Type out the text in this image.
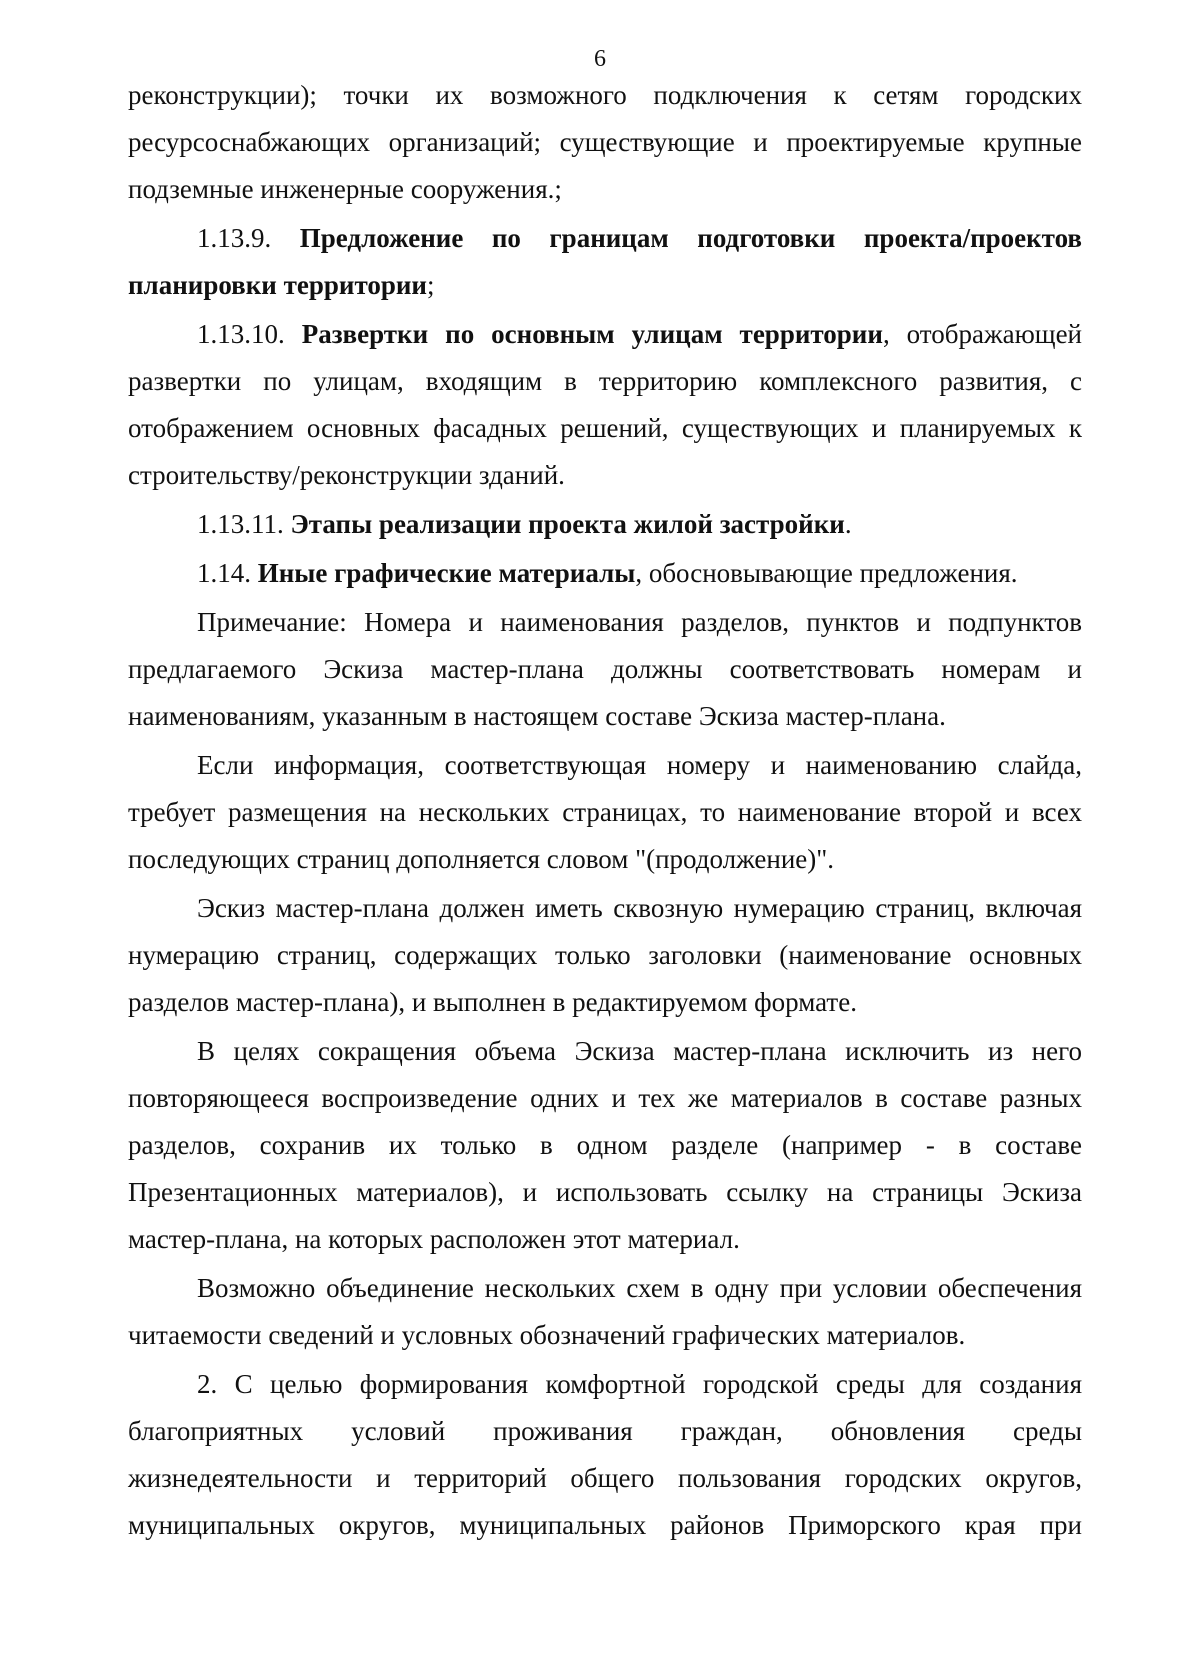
6

реконструкции); точки их возможного подключения к сетям городских ресурсоснабжающих организаций; существующие и проектируемые крупные подземные инженерные сооружения.;

1.13.9. Предложение по границам подготовки проекта/проектов планировки территории;

1.13.10. Развертки по основным улицам территории, отображающей развертки по улицам, входящим в территорию комплексного развития, с отображением основных фасадных решений, существующих и планируемых к строительству/реконструкции зданий.

1.13.11. Этапы реализации проекта жилой застройки.

1.14. Иные графические материалы, обосновывающие предложения.

Примечание: Номера и наименования разделов, пунктов и подпунктов предлагаемого Эскиза мастер-плана должны соответствовать номерам и наименованиям, указанным в настоящем составе Эскиза мастер-плана.

Если информация, соответствующая номеру и наименованию слайда, требует размещения на нескольких страницах, то наименование второй и всех последующих страниц дополняется словом "(продолжение)".

Эскиз мастер-плана должен иметь сквозную нумерацию страниц, включая нумерацию страниц, содержащих только заголовки (наименование основных разделов мастер-плана), и выполнен в редактируемом формате.

В целях сокращения объема Эскиза мастер-плана исключить из него повторяющееся воспроизведение одних и тех же материалов в составе разных разделов, сохранив их только в одном разделе (например - в составе Презентационных материалов), и использовать ссылку на страницы Эскиза мастер-плана, на которых расположен этот материал.

Возможно объединение нескольких схем в одну при условии обеспечения читаемости сведений и условных обозначений графических материалов.

2. С целью формирования комфортной городской среды для создания благоприятных условий проживания граждан, обновления среды жизнедеятельности и территорий общего пользования городских округов, муниципальных округов, муниципальных районов Приморского края при
